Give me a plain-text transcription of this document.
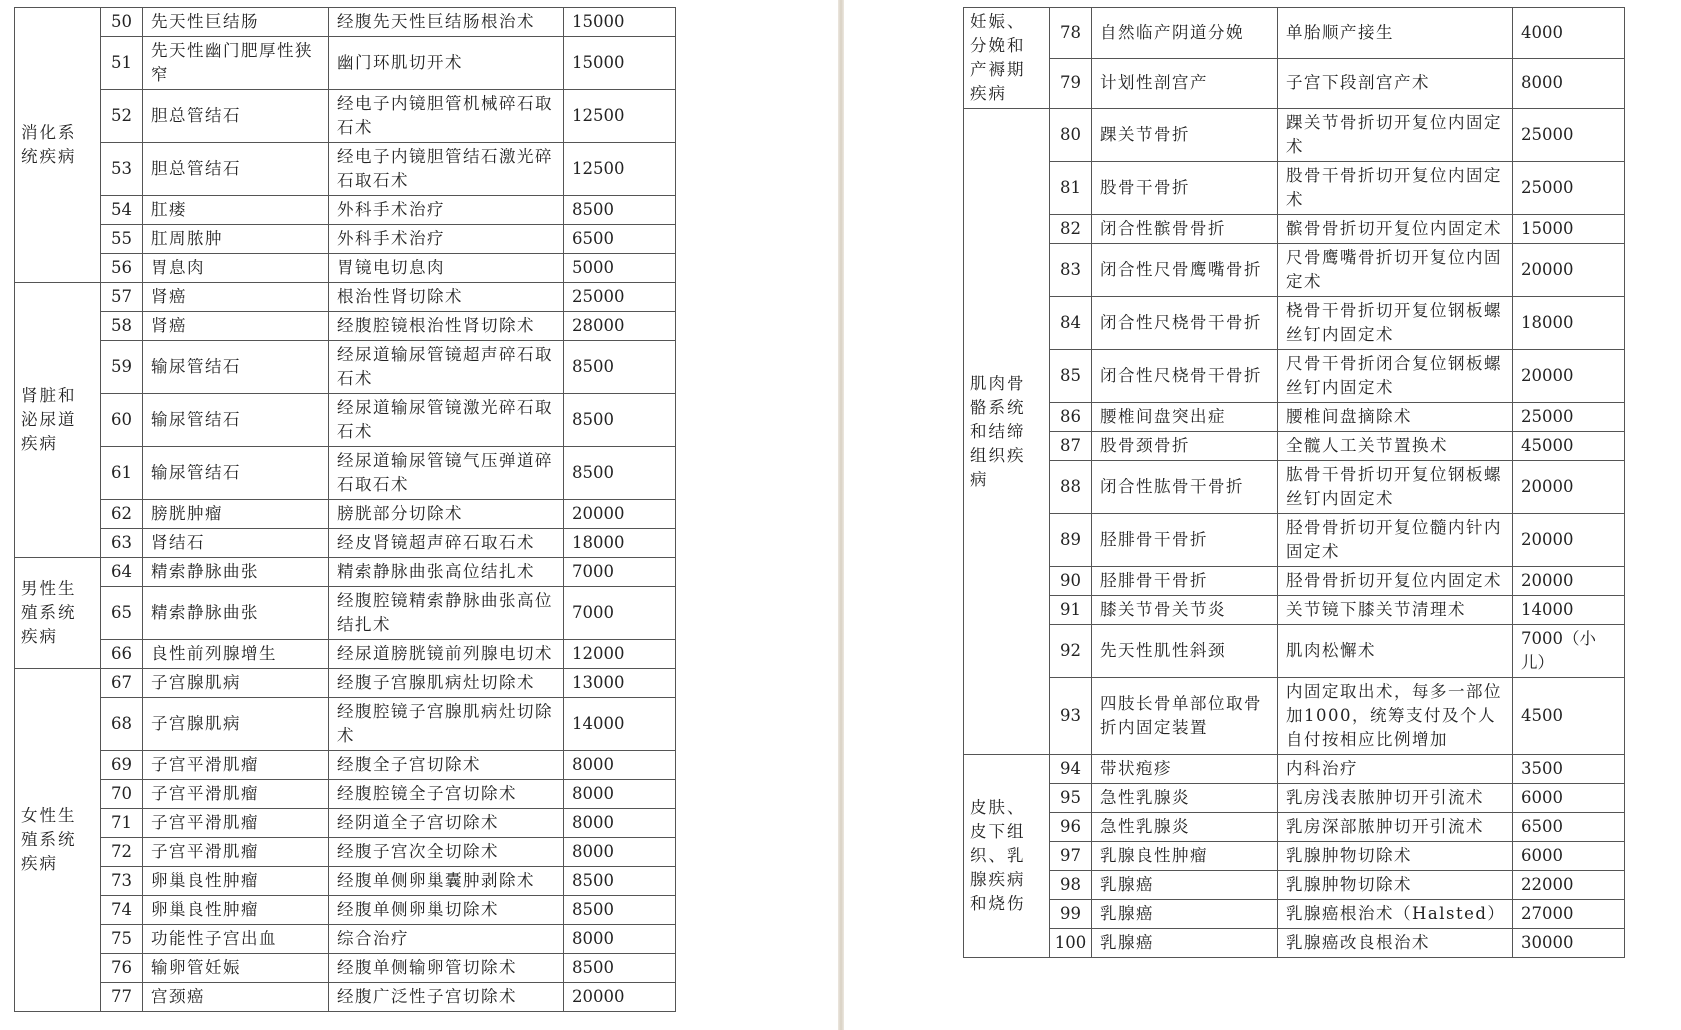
消化系统疾病	50	先天性巨结肠	经腹先天性巨结肠根治术	15000
	51	先天性幽门肥厚性狭窄	幽门环肌切开术	15000
	52	胆总管结石	经电子内镜胆管机械碎石取石术	12500
	53	胆总管结石	经电子内镜胆管结石激光碎石取石术	12500
	54	肛瘘	外科手术治疗	8500
	55	肛周脓肿	外科手术治疗	6500
	56	胃息肉	胃镜电切息肉	5000
肾脏和泌尿道疾病	57	肾癌	根治性肾切除术	25000
	58	肾癌	经腹腔镜根治性肾切除术	28000
	59	输尿管结石	经尿道输尿管镜超声碎石取石术	8500
	60	输尿管结石	经尿道输尿管镜激光碎石取石术	8500
	61	输尿管结石	经尿道输尿管镜气压弹道碎石取石术	8500
	62	膀胱肿瘤	膀胱部分切除术	20000
	63	肾结石	经皮肾镜超声碎石取石术	18000
男性生殖系统疾病	64	精索静脉曲张	精索静脉曲张高位结扎术	7000
	65	精索静脉曲张	经腹腔镜精索静脉曲张高位结扎术	7000
	66	良性前列腺增生	经尿道膀胱镜前列腺电切术	12000
女性生殖系统疾病	67	子宫腺肌病	经腹子宫腺肌病灶切除术	13000
	68	子宫腺肌病	经腹腔镜子宫腺肌病灶切除术	14000
	69	子宫平滑肌瘤	经腹全子宫切除术	8000
	70	子宫平滑肌瘤	经腹腔镜全子宫切除术	8000
	71	子宫平滑肌瘤	经阴道全子宫切除术	8000
	72	子宫平滑肌瘤	经腹子宫次全切除术	8000
	73	卵巢良性肿瘤	经腹单侧卵巢囊肿剥除术	8500
	74	卵巢良性肿瘤	经腹单侧卵巢切除术	8500
	75	功能性子宫出血	综合治疗	8000
	76	输卵管妊娠	经腹单侧输卵管切除术	8500
	77	宫颈癌	经腹广泛性子宫切除术	20000
妊娠、分娩和产褥期疾病	78	自然临产阴道分娩	单胎顺产接生	4000
	79	计划性剖宫产	子宫下段剖宫产术	8000
肌肉骨骼系统和结缔组织疾病	80	踝关节骨折	踝关节骨折切开复位内固定术	25000
	81	股骨干骨折	股骨干骨折切开复位内固定术	25000
	82	闭合性髌骨骨折	髌骨骨折切开复位内固定术	15000
	83	闭合性尺骨鹰嘴骨折	尺骨鹰嘴骨折切开复位内固定术	20000
	84	闭合性尺桡骨干骨折	桡骨干骨折切开复位钢板螺丝钉内固定术	18000
	85	闭合性尺桡骨干骨折	尺骨干骨折闭合复位钢板螺丝钉内固定术	20000
	86	腰椎间盘突出症	腰椎间盘摘除术	25000
	87	股骨颈骨折	全髋人工关节置换术	45000
	88	闭合性肱骨干骨折	肱骨干骨折切开复位钢板螺丝钉内固定术	20000
	89	胫腓骨干骨折	胫骨骨折切开复位髓内针内固定术	20000
	90	胫腓骨干骨折	胫骨骨折切开复位内固定术	20000
	91	膝关节骨关节炎	关节镜下膝关节清理术	14000
	92	先天性肌性斜颈	肌肉松懈术	7000（小儿）
	93	四肢长骨单部位取骨折内固定装置	内固定取出术，每多一部位加1000，统筹支付及个人自付按相应比例增加	4500
皮肤、皮下组织、乳腺疾病和烧伤	94	带状疱疹	内科治疗	3500
	95	急性乳腺炎	乳房浅表脓肿切开引流术	6000
	96	急性乳腺炎	乳房深部脓肿切开引流术	6500
	97	乳腺良性肿瘤	乳腺肿物切除术	6000
	98	乳腺癌	乳腺肿物切除术	22000
	99	乳腺癌	乳腺癌根治术（Halsted）	27000
	100	乳腺癌	乳腺癌改良根治术	30000
